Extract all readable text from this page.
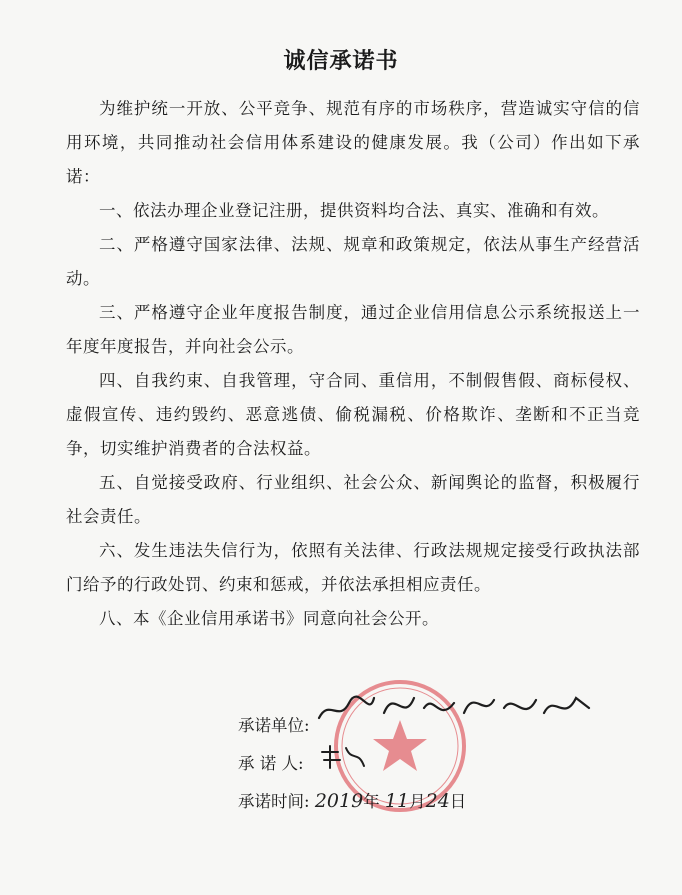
诚信承诺书

为维护统一开放、公平竞争、规范有序的市场秩序，营造诚实守信的信用环境，共同推动社会信用体系建设的健康发展。我（公司）作出如下承诺：

一、依法办理企业登记注册，提供资料均合法、真实、准确和有效。

二、严格遵守国家法律、法规、规章和政策规定，依法从事生产经营活动。

三、严格遵守企业年度报告制度，通过企业信用信息公示系统报送上一年度年度报告，并向社会公示。

四、自我约束、自我管理，守合同、重信用，不制假售假、商标侵权、虚假宣传、违约毁约、恶意逃债、偷税漏税、价格欺诈、垄断和不正当竞争，切实维护消费者的合法权益。

五、自觉接受政府、行业组织、社会公众、新闻舆论的监督，积极履行社会责任。

六、发生违法失信行为，依照有关法律、行政法规规定接受行政执法部门给予的行政处罚、约束和惩戒，并依法承担相应责任。

八、本《企业信用承诺书》同意向社会公开。

承诺单位:
承 诺 人:
承诺时间: 2019年 11月24日
